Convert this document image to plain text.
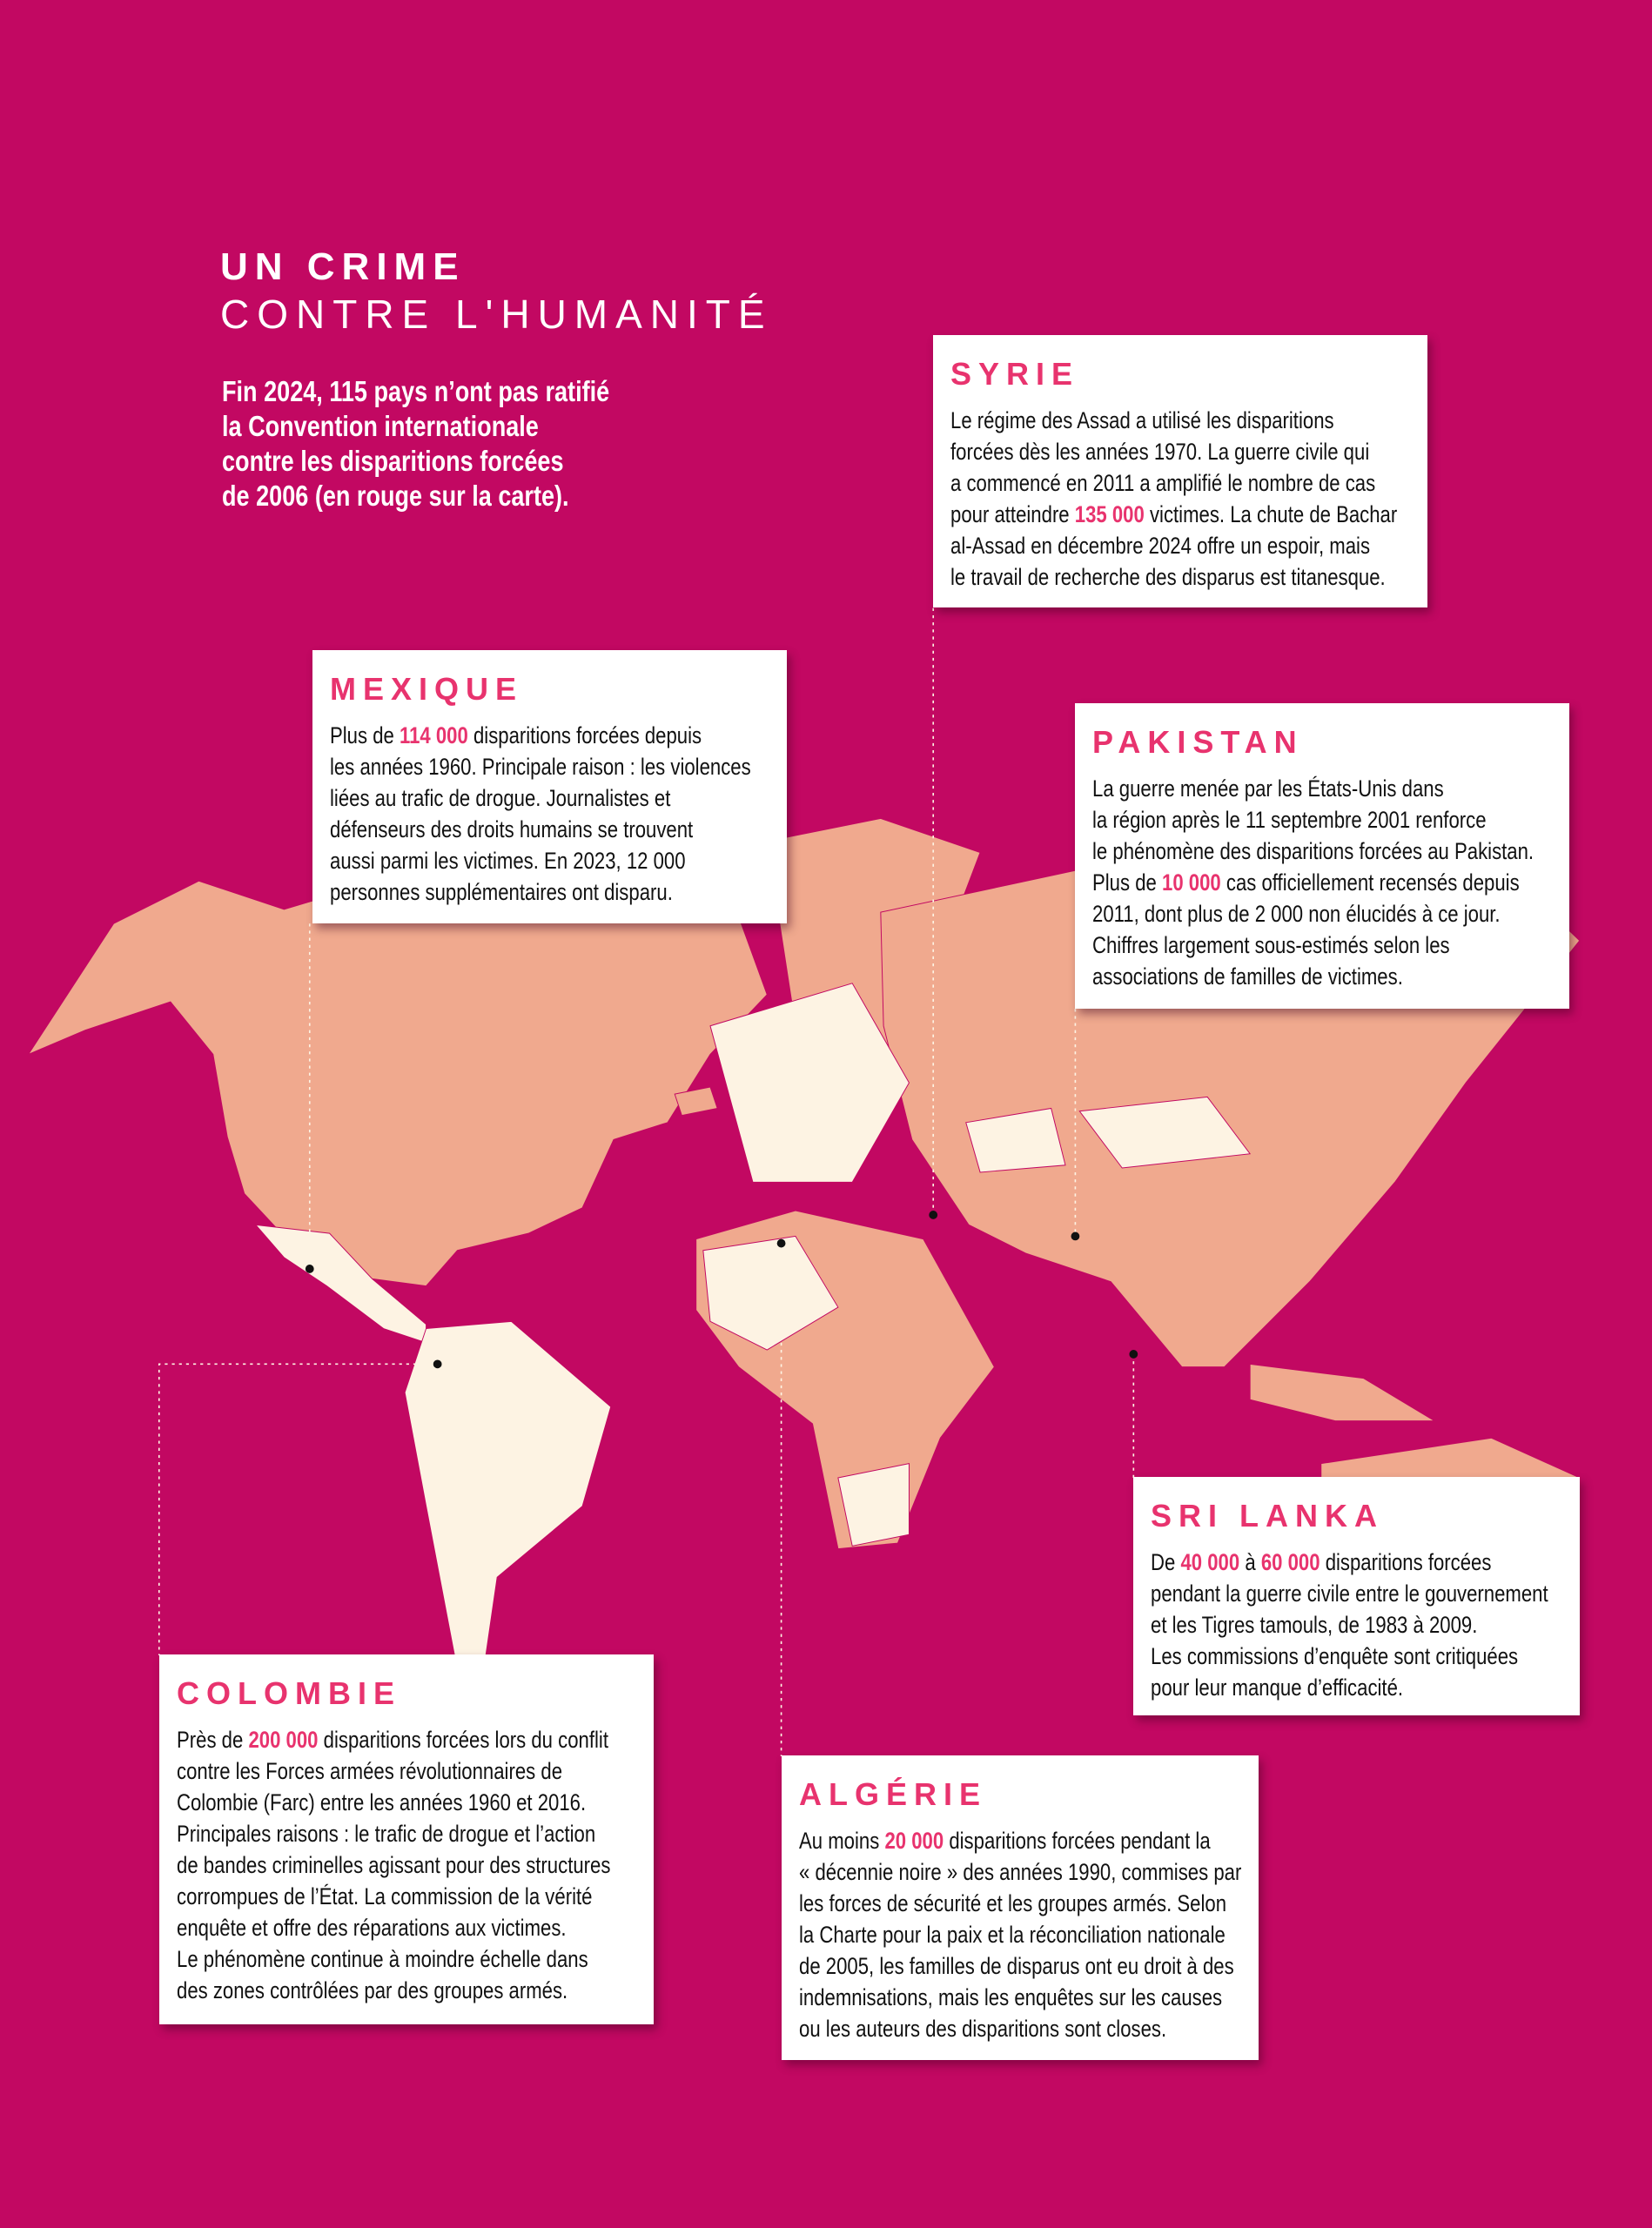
UN CRIME
CONTRE L'HUMANITÉ
Fin 2024, 115 pays n’ont pas ratifié
la Convention internationale
contre les disparitions forcées
de 2006 (en rouge sur la carte).
SYRIE
Le régime des Assad a utilisé les disparitions
forcées dès les années 1970. La guerre civile qui
a commencé en 2011 a amplifié le nombre de cas
pour atteindre 135 000 victimes. La chute de Bachar
al-Assad en décembre 2024 offre un espoir, mais
le travail de recherche des disparus est titanesque.
MEXIQUE
Plus de 114 000 disparitions forcées depuis
les années 1960. Principale raison : les violences
liées au trafic de drogue. Journalistes et
défenseurs des droits humains se trouvent
aussi parmi les victimes. En 2023, 12 000
personnes supplémentaires ont disparu.
PAKISTAN
La guerre menée par les États-Unis dans
la région après le 11 septembre 2001 renforce
le phénomène des disparitions forcées au Pakistan.
Plus de 10 000 cas officiellement recensés depuis
2011, dont plus de 2 000 non élucidés à ce jour.
Chiffres largement sous-estimés selon les
associations de familles de victimes.
SRI LANKA
De 40 000 à 60 000 disparitions forcées
pendant la guerre civile entre le gouvernement
et les Tigres tamouls, de 1983 à 2009.
Les commissions d’enquête sont critiquées
pour leur manque d’efficacité.
COLOMBIE
Près de 200 000 disparitions forcées lors du conflit
contre les Forces armées révolutionnaires de
Colombie (Farc) entre les années 1960 et 2016.
Principales raisons : le trafic de drogue et l’action
de bandes criminelles agissant pour des structures
corrompues de l’État. La commission de la vérité
enquête et offre des réparations aux victimes.
Le phénomène continue à moindre échelle dans
des zones contrôlées par des groupes armés.
ALGÉRIE
Au moins 20 000 disparitions forcées pendant la
« décennie noire » des années 1990, commises par
les forces de sécurité et les groupes armés. Selon
la Charte pour la paix et la réconciliation nationale
de 2005, les familles de disparus ont eu droit à des
indemnisations, mais les enquêtes sur les causes
ou les auteurs des disparitions sont closes.
